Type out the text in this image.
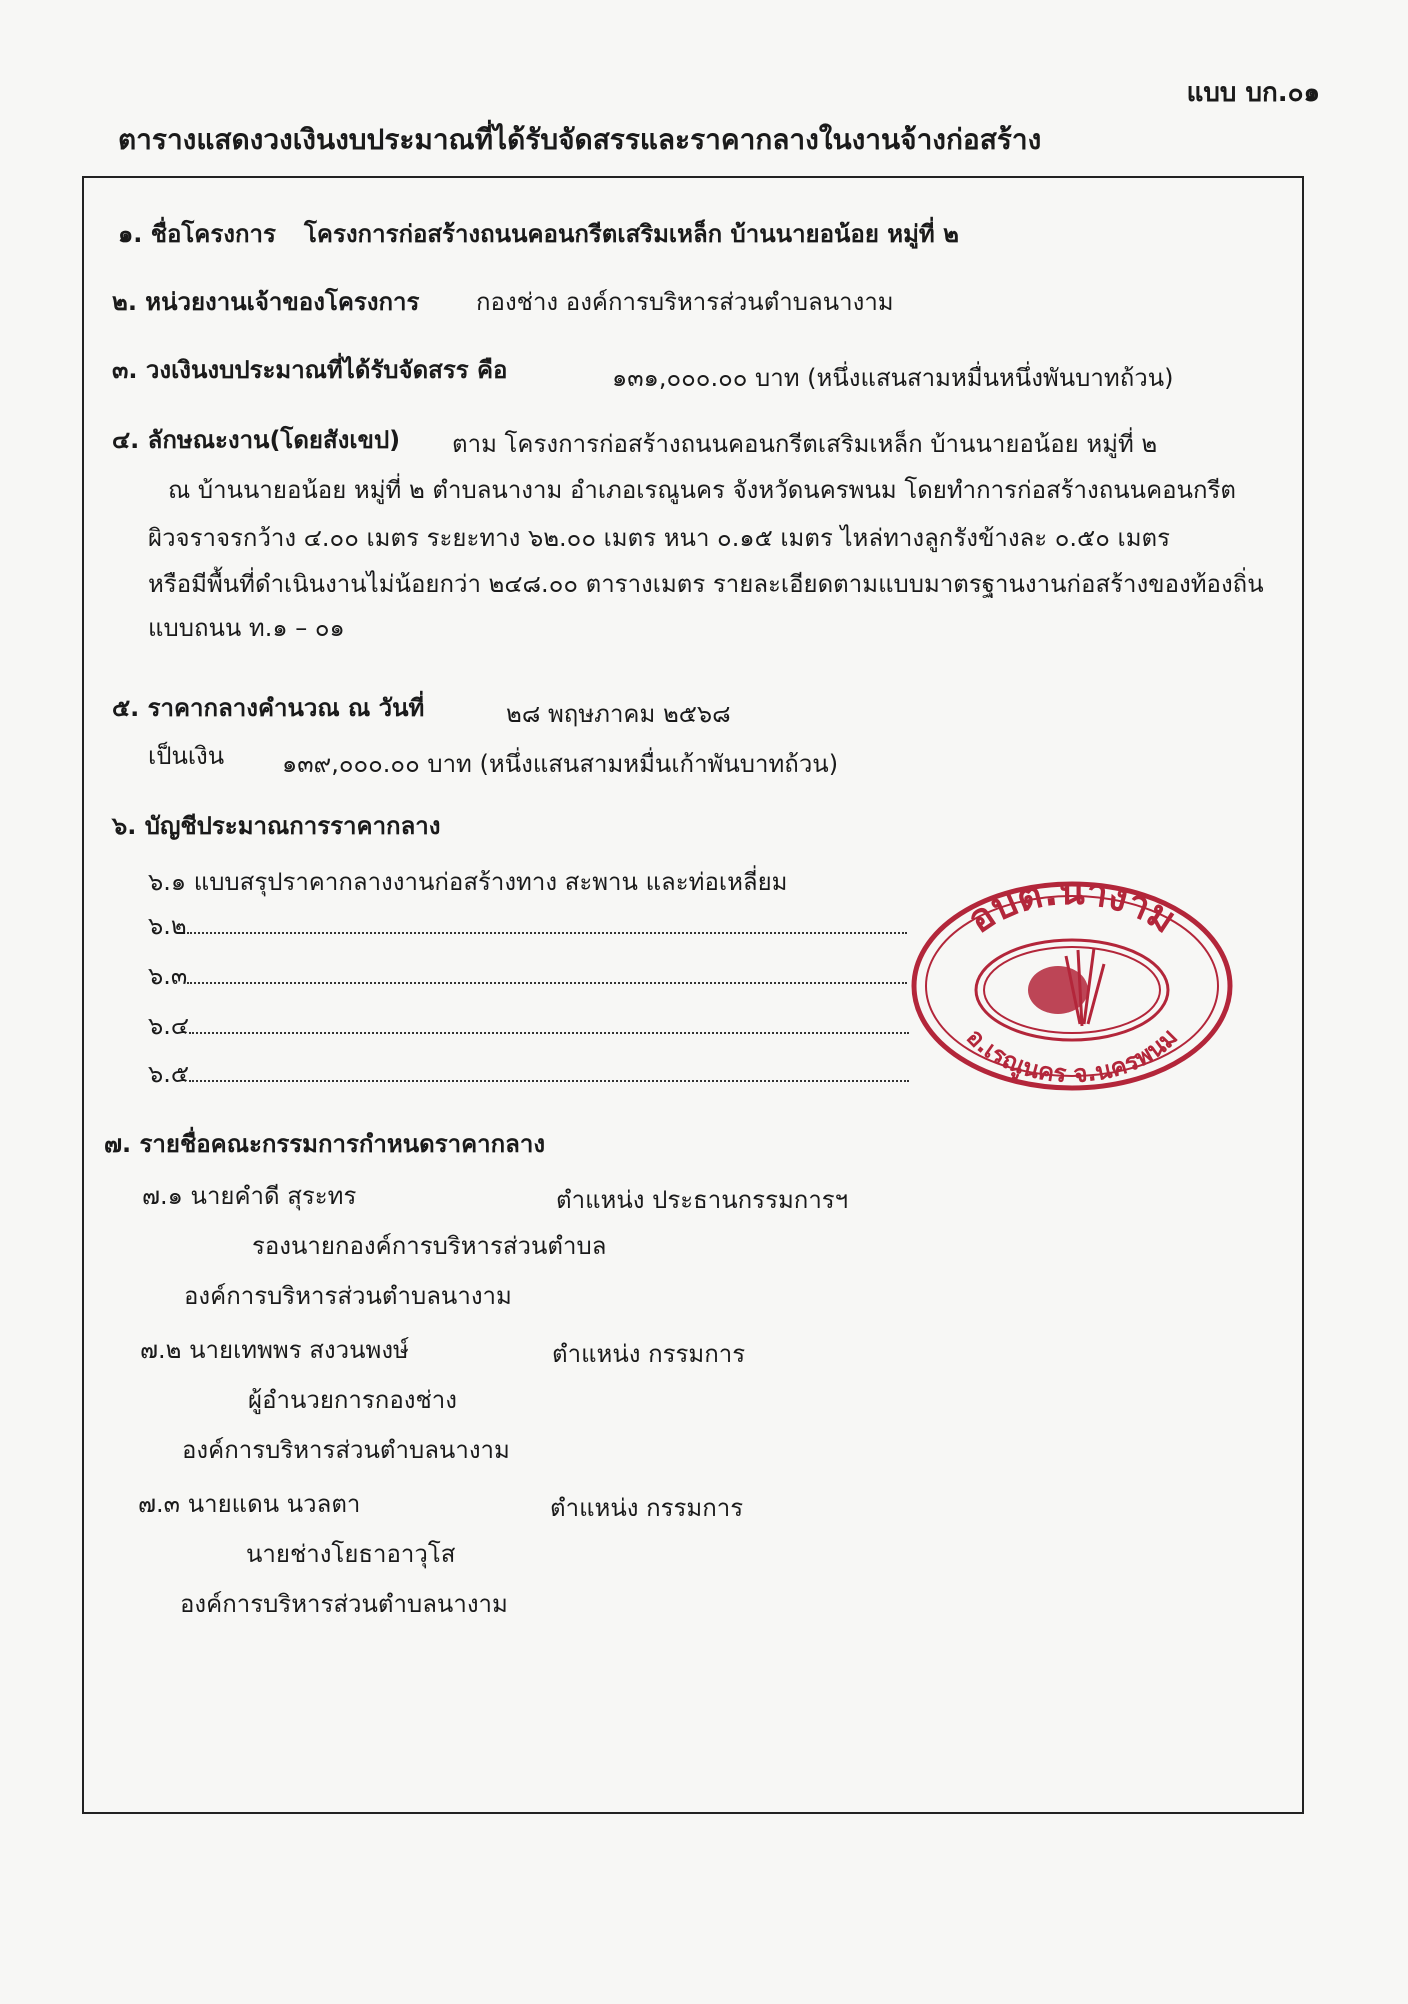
แบบ บก.๐๑
ตารางแสดงวงเงินงบประมาณที่ได้รับจัดสรรและราคากลางในงานจ้างก่อสร้าง
๑. ชื่อโครงการ โครงการก่อสร้างถนนคอนกรีตเสริมเหล็ก บ้านนายอน้อย หมู่ที่ ๒
๒. หน่วยงานเจ้าของโครงการ กองช่าง องค์การบริหารส่วนตำบลนางาม
๓. วงเงินงบประมาณที่ได้รับจัดสรร คือ	๑๓๑,๐๐๐.๐๐ บาท (หนึ่งแสนสามหมื่นหนึ่งพันบาทถ้วน)
๔. ลักษณะงาน(โดยสังเขป) ตาม โครงการก่อสร้างถนนคอนกรีตเสริมเหล็ก บ้านนายอน้อย หมู่ที่ ๒
ณ บ้านนายอน้อย หมู่ที่ ๒ ตำบลนางาม อำเภอเรณูนคร จังหวัดนครพนม โดยทำการก่อสร้างถนนคอนกรีต
ผิวจราจรกว้าง ๔.๐๐ เมตร ระยะทาง ๖๒.๐๐ เมตร หนา ๐.๑๕ เมตร ไหล่ทางลูกรังข้างละ ๐.๕๐ เมตร
หรือมีพื้นที่ดำเนินงานไม่น้อยกว่า ๒๔๘.๐๐ ตารางเมตร รายละเอียดตามแบบมาตรฐานงานก่อสร้างของท้องถิ่น
แบบถนน ท.๑ – ๐๑
๕. ราคากลางคำนวณ ณ วันที่	๒๘ พฤษภาคม ๒๕๖๘
เป็นเงิน ๑๓๙,๐๐๐.๐๐ บาท (หนึ่งแสนสามหมื่นเก้าพันบาทถ้วน)
๖. บัญชีประมาณการราคากลาง
๖.๑ แบบสรุปราคากลางงานก่อสร้างทาง สะพาน และท่อเหลี่ยม
๖.๒
๖.๓
๖.๔
๖.๕
อบต.นางาม
อ.เรณูนคร จ.นครพนม
๗. รายชื่อคณะกรรมการกำหนดราคากลาง
๗.๑ นายคำดี สุระทร	ตำแหน่ง ประธานกรรมการฯ
รองนายกองค์การบริหารส่วนตำบล
องค์การบริหารส่วนตำบลนางาม
๗.๒ นายเทพพร สงวนพงษ์	ตำแหน่ง กรรมการ
ผู้อำนวยการกองช่าง
องค์การบริหารส่วนตำบลนางาม
๗.๓ นายแดน นวลตา	ตำแหน่ง กรรมการ
นายช่างโยธาอาวุโส
องค์การบริหารส่วนตำบลนางาม
